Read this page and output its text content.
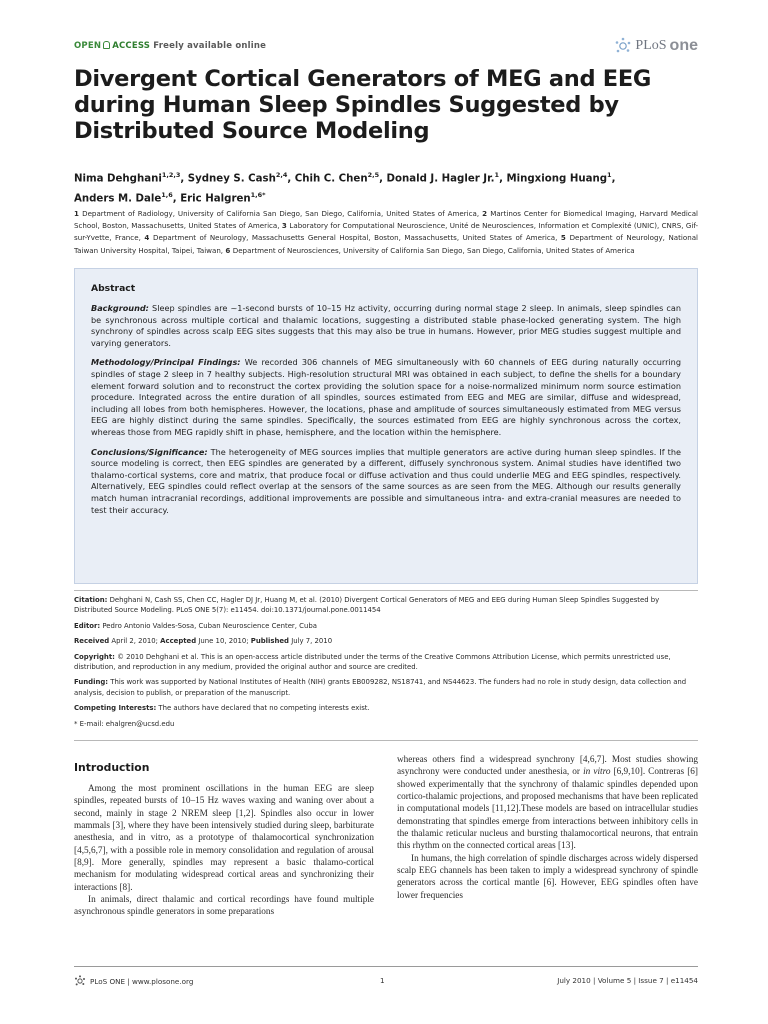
OPEN ACCESS Freely available online	PLoS one
Divergent Cortical Generators of MEG and EEG during Human Sleep Spindles Suggested by Distributed Source Modeling
Nima Dehghani$^{1,2,3}$, Sydney S. Cash$^{2,4}$, Chih C. Chen$^{2,5}$, Donald J. Hagler Jr.$^1$, Mingxiong Huang$^1$,
Anders M. Dale$^{1,6}$, Eric Halgren$^{1,6*}$
1 Department of Radiology, University of California San Diego, San Diego, California, United States of America, 2 Martinos Center for Biomedical Imaging, Harvard Medical School, Boston, Massachusetts, United States of America, 3 Laboratory for Computational Neuroscience, Unité de Neurosciences, Information et Complexité (UNIC), CNRS, Gif-sur-Yvette, France, 4 Department of Neurology, Massachusetts General Hospital, Boston, Massachusetts, United States of America, 5 Department of Neurology, National Taiwan University Hospital, Taipei, Taiwan, 6 Department of Neurosciences, University of California San Diego, San Diego, California, United States of America
Abstract

Background: Sleep spindles are ~1-second bursts of 10–15 Hz activity, occurring during normal stage 2 sleep. In animals, sleep spindles can be synchronous across multiple cortical and thalamic locations, suggesting a distributed stable phase-locked generating system. The high synchrony of spindles across scalp EEG sites suggests that this may also be true in humans. However, prior MEG studies suggest multiple and varying generators.

Methodology/Principal Findings: We recorded 306 channels of MEG simultaneously with 60 channels of EEG during naturally occurring spindles of stage 2 sleep in 7 healthy subjects. High-resolution structural MRI was obtained in each subject, to define the shells for a boundary element forward solution and to reconstruct the cortex providing the solution space for a noise-normalized minimum norm source estimation procedure. Integrated across the entire duration of all spindles, sources estimated from EEG and MEG are similar, diffuse and widespread, including all lobes from both hemispheres. However, the locations, phase and amplitude of sources simultaneously estimated from MEG versus EEG are highly distinct during the same spindles. Specifically, the sources estimated from EEG are highly synchronous across the cortex, whereas those from MEG rapidly shift in phase, hemisphere, and the location within the hemisphere.

Conclusions/Significance: The heterogeneity of MEG sources implies that multiple generators are active during human sleep spindles. If the source modeling is correct, then EEG spindles are generated by a different, diffusely synchronous system. Animal studies have identified two thalamo-cortical systems, core and matrix, that produce focal or diffuse activation and thus could underlie MEG and EEG spindles, respectively. Alternatively, EEG spindles could reflect overlap at the sensors of the same sources as are seen from the MEG. Although our results generally match human intracranial recordings, additional improvements are possible and simultaneous intra- and extra-cranial measures are needed to test their accuracy.

Citation: Dehghani N, Cash SS, Chen CC, Hagler DJ Jr, Huang M, et al. (2010) Divergent Cortical Generators of MEG and EEG during Human Sleep Spindles Suggested by Distributed Source Modeling. PLoS ONE 5(7): e11454. doi:10.1371/journal.pone.0011454
Editor: Pedro Antonio Valdes-Sosa, Cuban Neuroscience Center, Cuba
Received April 2, 2010; Accepted June 10, 2010; Published July 7, 2010
Copyright: © 2010 Dehghani et al. This is an open-access article distributed under the terms of the Creative Commons Attribution License, which permits unrestricted use, distribution, and reproduction in any medium, provided the original author and source are credited.
Funding: This work was supported by National Institutes of Health (NIH) grants EB009282, NS18741, and NS44623. The funders had no role in study design, data collection and analysis, decision to publish, or preparation of the manuscript.
Competing Interests: The authors have declared that no competing interests exist.
* E-mail: ehalgren@ucsd.edu
Introduction

Among the most prominent oscillations in the human EEG are sleep spindles, repeated bursts of 10–15 Hz waves waxing and waning over about a second, mainly in stage 2 NREM sleep [1,2]. Spindles also occur in lower mammals [3], where they have been intensively studied during sleep, barbiturate anesthesia, and in vitro, as a prototype of thalamocortical synchronization [4,5,6,7], with a possible role in memory consolidation and regulation of arousal [8,9]. More generally, spindles may represent a basic thalamo-cortical mechanism for modulating widespread cortical areas and synchronizing their interactions [8].

In animals, direct thalamic and cortical recordings have found multiple asynchronous spindle generators in some preparations

whereas others find a widespread synchrony [4,6,7]. Most studies showing asynchrony were conducted under anesthesia, or in vitro [6,9,10]. Contreras [6] showed experimentally that the synchrony of thalamic spindles depended upon cortico-thalamic projections, and proposed mechanisms that have been replicated in computational models [11,12].These models are based on intracellular studies demonstrating that spindles emerge from interactions between inhibitory cells in the thalamic reticular nucleus and bursting thalamocortical neurons, that entrain this rhythm on the connected cortical areas [13].

In humans, the high correlation of spindle discharges across widely dispersed scalp EEG channels has been taken to imply a widespread synchrony of spindle generators across the cortical mantle [6]. However, EEG spindles often have lower frequencies

PLoS ONE | www.plosone.org	1	July 2010 | Volume 5 | Issue 7 | e11454
